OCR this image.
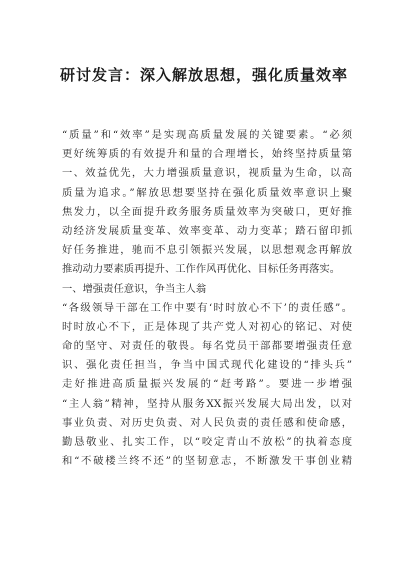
研讨发言：深入解放思想，强化质量效率
“质量”和“效率”是实现高质量发展的关键要素。“必须
更好统筹质的有效提升和量的合理增长，始终坚持质量第
一、效益优先，大力增强质量意识，视质量为生命，以高
质量为追求。”解放思想要坚持在强化质量效率意识上聚
焦发力，以全面提升政务服务质量效率为突破口，更好推
动经济发展质量变革、效率变革、动力变革；踏石留印抓
好任务推进，驰而不息引领振兴发展，以思想观念再解放
推动动力要素质再提升、工作作风再优化、目标任务再落实。
一、增强责任意识，争当主人翁
“各级领导干部在工作中要有‘时时放心不下’的责任感”。
时时放心不下，正是体现了共产党人对初心的铭记、对使
命的坚守、对责任的敬畏。每名党员干部都要增强责任意
识、强化责任担当，争当中国式现代化建设的“排头兵”
走好推进高质量振兴发展的“赶考路”。要进一步增强
“主人翁”精神，坚持从服务XX振兴发展大局出发，以对
事业负责、对历史负责、对人民负责的责任感和使命感，
勤恳敬业、扎实工作，以“咬定青山不放松”的执着态度
和“不破楼兰终不还”的坚韧意志，不断激发干事创业精
